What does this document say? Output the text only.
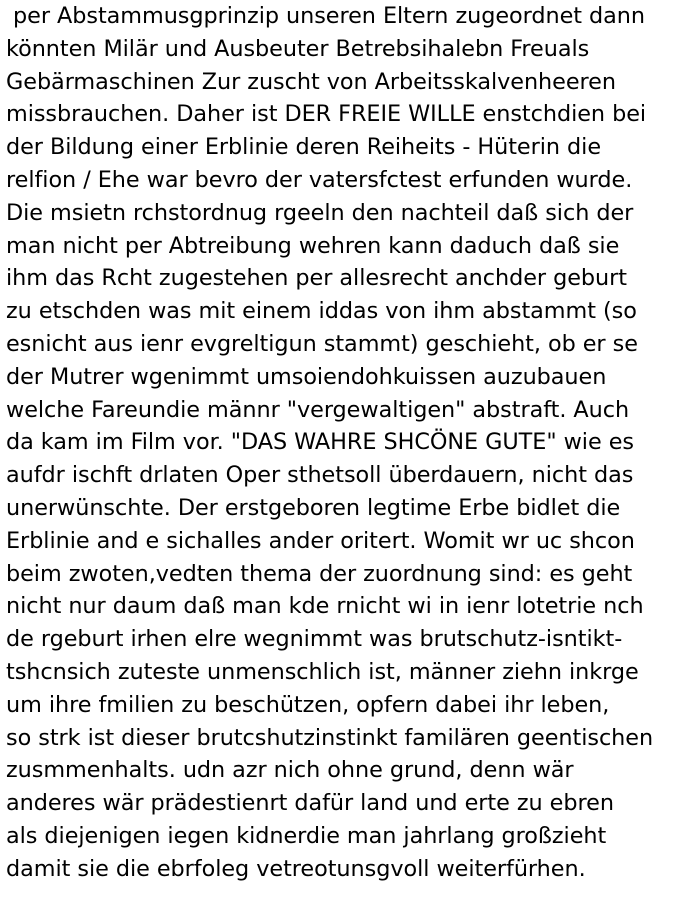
per Abstammusgprinzip unseren Eltern zugeordnet dann
könnten Milär und Ausbeuter Betrebsihalebn Freuals
Gebärmaschinen Zur zuscht von Arbeitsskalvenheeren
missbrauchen. Daher ist DER FREIE WILLE enstchdien bei
der Bildung einer Erblinie deren Reiheits - Hüterin die
relfion / Ehe war bevro der vatersfctest erfunden wurde.
Die msietn rchstordnug rgeeln den nachteil daß sich der
man nicht per Abtreibung wehren kann daduch daß sie
ihm das Rcht zugestehen per allesrecht anchder geburt
zu etschden was mit einem iddas von ihm abstammt (so
esnicht aus ienr evgreltigun stammt) geschieht, ob er se
der Mutrer wgenimmt umsoiendohkuissen auzubauen
welche Fareundie männr "vergewaltigen" abstraft. Auch
da kam im Film vor. "DAS WAHRE SHCÖNE GUTE" wie es
aufdr ischft drlaten Oper sthetsoll überdauern, nicht das
unerwünschte. Der erstgeboren legtime Erbe bidlet die
Erblinie and e sichalles ander oritert. Womit wr uc shcon
beim zwoten,vedten thema der zuordnung sind: es geht
nicht nur daum daß man kde rnicht wi in ienr lotetrie nch
de rgeburt irhen elre wegnimmt was brutschutz-isntikt-
tshcnsich zuteste unmenschlich ist, männer ziehn inkrge
um ihre fmilien zu beschützen, opfern dabei ihr leben,
so strk ist dieser brutcshutzinstinkt familären geentischen
zusmmenhalts. udn azr nich ohne grund, denn wär
anderes wär prädestienrt dafür land und erte zu ebren
als diejenigen iegen kidnerdie man jahrlang großzieht
damit sie die ebrfoleg vetreotunsgvoll weiterfürhen.
